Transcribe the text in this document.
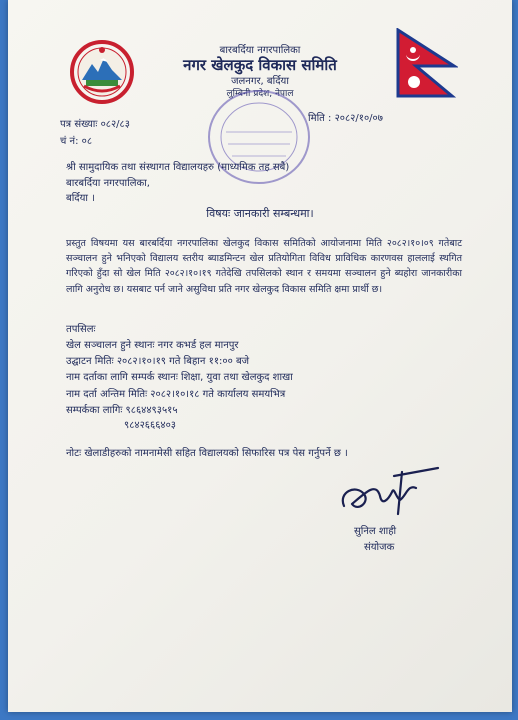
बारबर्दिया नगरपालिका
नगर खेलकुद विकास समिति
जलनगर, बर्दिया
लुम्बिनी प्रदेश, नेपाल
पत्र संख्याः ०८२/८३
चं नं: ०८
मिति : २०८२/१०/०७
श्री सामुदायिक तथा संस्थागत विद्यालयहरु (माध्यमिक तह सबै)
बारबर्दिया नगरपालिका,
बर्दिया ।
विषयः जानकारी सम्बन्धमा।
प्रस्तुत विषयमा यस बारबर्दिया नगरपालिका खेलकुद विकास समितिको आयोजनामा मिति २०८२।१०।०९ गतेबाट सञ्चालन हुने भनिएको विद्यालय स्तरीय ब्याडमिन्टन खेल प्रतियोगिता विविध प्राविधिक कारणवस हाललाई स्थगित गरिएको हुँदा सो खेल मिति २०८२।१०।१९ गतेदेखि तपसिलको स्थान र समयमा सञ्चालन हुने ब्यहोरा जानकारीका लागि अनुरोध छ। यसबाट पर्न जाने असुविधा प्रति नगर खेलकुद विकास समिति क्षमा प्रार्थी छ।
तपसिलः
खेल सञ्चालन हुने स्थानः नगर कभर्ड हल मानपुर
उद्घाटन मितिः २०८२।१०।१९ गते बिहान ११:०० बजे
नाम दर्ताका लागि सम्पर्क स्थानः शिक्षा, युवा तथा खेलकुद शाखा
नाम दर्ता अन्तिम मितिः २०८२।१०।१८ गते कार्यालय समयभित्र
सम्पर्कका लागिः ९८६४४९३५१५
९८४२६६६४०३
नोटः खेलाडीहरुको नामनामेसी सहित विद्यालयको सिफारिस पत्र पेस गर्नुपर्ने छ ।
सुनिल शाही
संयोजक
